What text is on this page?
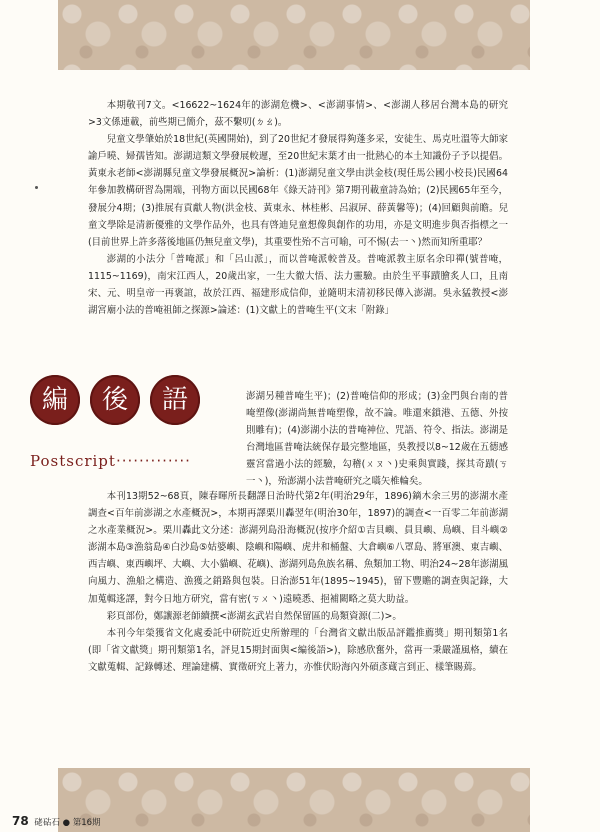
本期敬刊7文。<16622~1624年的澎湖危機>、<澎湖事情>、<澎湖人移居台灣本島的研究>3文係連載，前些期已簡介，茲不繫叨(ㄉㄠ)。

兒童文學肇始於18世紀(英國開始)，到了20世紀才發展得夠蓬多采，安徒生、馬克吐溫等大師家諭戶曉、婦孺皆知。澎湖這類文學發展較遲，至20世紀末葉才由一批熱心的本土知識份子予以提倡。黃東永老師<澎湖縣兒童文學發展概況>論析：(1)澎湖兒童文學由洪金枝(現任馬公國小校長)民國64年參加教構研習為開端，刊物方面以民國68年《綠天詩刊》第7期刊載童詩為始；(2)民國65年至今，發展分4期；(3)推展有貢獻人物(洪金枝、黃東永、林桂彬、呂淑屏、薛黃馨等)；(4)回顧與前瞻。兒童文學除是清新優雅的文學作品外，也具有啓迪兒童想像與創作的功用，亦是文明進步與否指標之一(目前世界上許多落後地區仍無兒童文學)，其重要性殆不言可喻，可不惕(去一丶)然而知所重耶？

澎湖的小法分「普唵派」和「呂山派」，而以普唵派較普及。普唵派教主原名余印禪(號普唵，1115~1169)，南宋江西人，20歲出家，一生大徹大悟、法力靈驗。由於生平事蹟膾炙人口，且南宋、元、明皇帝一再褒誼，故於江西、福建形成信仰，並隨明末清初移民傳入澎湖。吳永猛教授<澎湖宮廟小法的普唵祖師之探源>論述：(1)文獻上的普唵生平(文末「附錄」

編	後	語
Postscript‧‧‧‧‧‧‧‧‧‧‧‧‧

澎湖另種普唵生平)；(2)普唵信仰的形成；(3)金門與台南的普唵塑像(澎湖尚無普唵塑像，故不論。唯還來鎖港、五德、外按則雕有)；(4)澎湖小法的普唵神位、咒語、符令、指法。澎湖是台灣地區普唵法統保存最完整地區，吳教授以8~12歲在五德感靈宮當過小法的經驗，勾稽(ㄨㄡ丶)史乘與實踐，探其奇蹟(ㄎ一丶)，殆澎湖小法普唵研究之嚆矢椎輪矣。

本刊13期52~68頁，陳春暉所長翻譯日治時代第2年(明治29年，1896)鏑木余三男的澎湖水產調查<百年前澎湖之水產概況>，本期再譯栗川轟翌年(明治30年，1897)的調查<一百零二年前澎湖之水產業概況>。栗川轟此文分述：澎湖列島沿海概況(按序介紹①吉貝嶼、員貝嶼、鳥嶼、目斗嶼②澎湖本島③漁翁島④白沙島⑤姑婆嶼、陰嶼和陽嶼、虎井和桶盤、大倉嶼⑥八罩島、將軍澳、東吉嶼、西吉嶼、東西嶼坪、大嶼、大小貓嶼、花嶼)、澎湖列島魚族名稱、魚類加工物、明治24~28年澎湖風向風力、漁船之構造、漁獲之銷路與包裝。日治澎51年(1895~1945)，留下豐贍的調查與記錄，大加蒐輯迻譯，對今日地方研究，當有密(ㄎㄨ丶)遠曉悉、挹補闕略之莫大助益。

彩頁部份，鄭讓源老師續撰<澎湖玄武岩自然保留區的鳥類資源(二)>。

本刊今年榮獲省文化處委託中研院近史所辦理的「台灣省文獻出版品評鑑推薦獎」期刊類第1名(即「省文獻獎」期刊類第1名，評見15期封面與<編後語>)，除感欣奮外，當再一秉嚴謹風格，續在文獻蒐輯、記錄轉述、理論建構、實徵研究上著力，亦惟伏盼海內外碩彥蔵言到正、樣筆賜蔫。

78 硓𥑮石 ● 第16期
